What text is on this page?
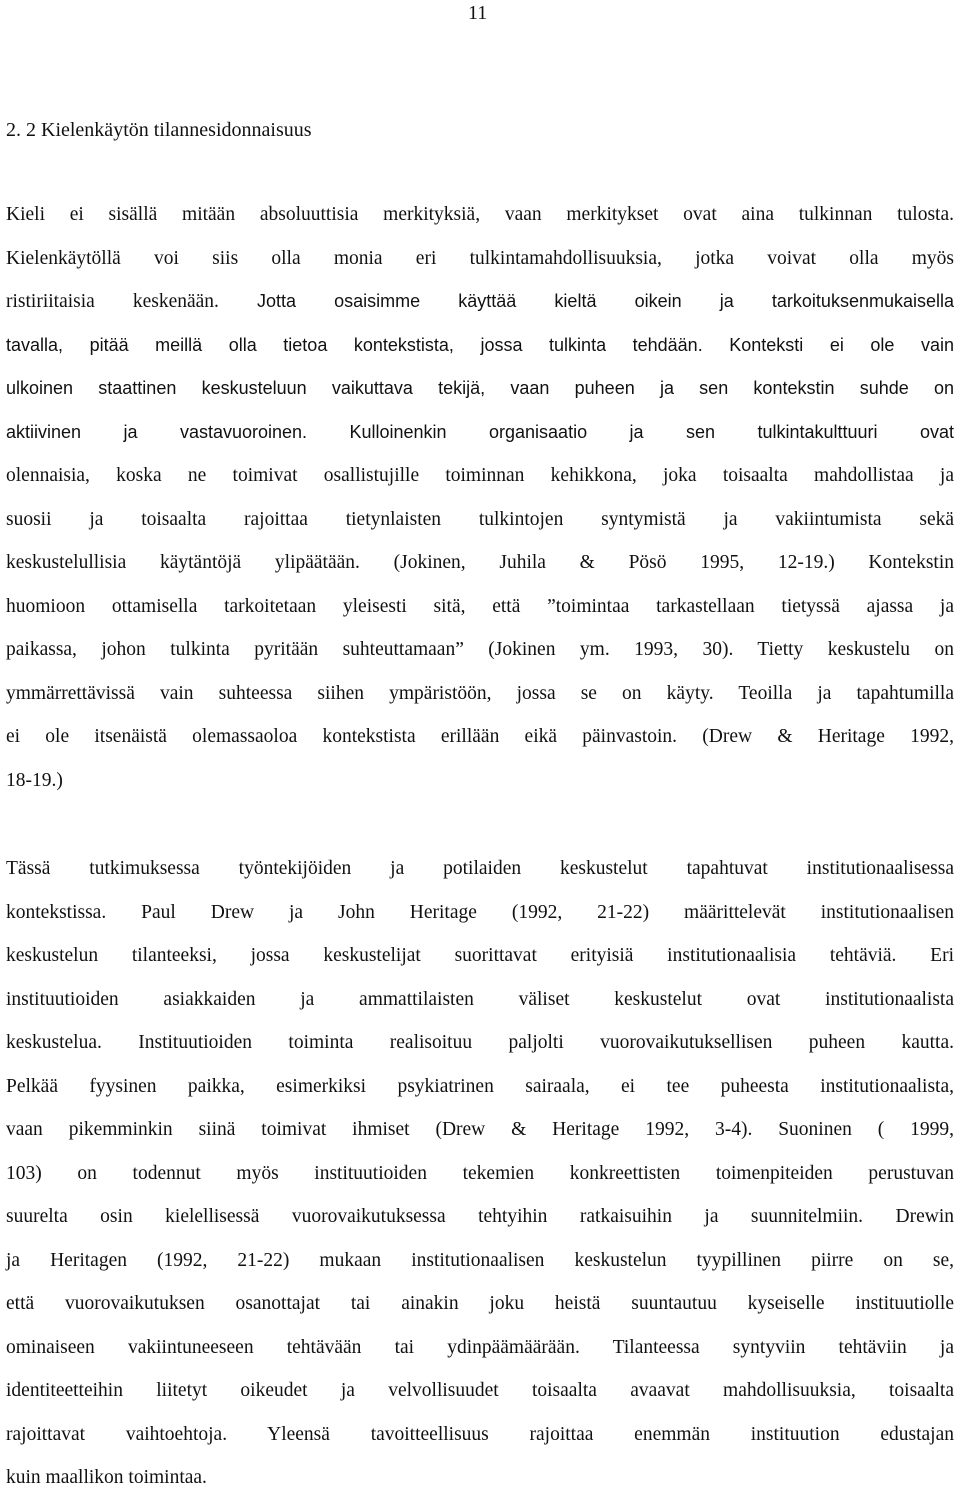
11
2. 2 Kielenkäytön tilannesidonnaisuus
Kieli ei sisällä mitään absoluuttisia merkityksiä, vaan merkitykset ovat aina tulkinnan tulosta.
Kielenkäytöllä voi siis olla monia eri tulkintamahdollisuuksia, jotka voivat olla myös
ristiriitaisia keskenään. Jotta osaisimme käyttää kieltä oikein ja tarkoituksenmukaisella
tavalla, pitää meillä olla tietoa kontekstista, jossa tulkinta tehdään. Konteksti ei ole vain
ulkoinen staattinen keskusteluun vaikuttava tekijä, vaan puheen ja sen kontekstin suhde on
aktiivinen ja vastavuoroinen. Kulloinenkin organisaatio ja sen tulkintakulttuuri ovat
olennaisia, koska ne toimivat osallistujille toiminnan kehikkona, joka toisaalta mahdollistaa ja
suosii ja toisaalta rajoittaa tietynlaisten tulkintojen syntymistä ja vakiintumista sekä
keskustelullisia käytäntöjä ylipäätään. (Jokinen, Juhila & Pösö 1995, 12-19.) Kontekstin
huomioon ottamisella tarkoitetaan yleisesti sitä, että ”toimintaa tarkastellaan tietyssä ajassa ja
paikassa, johon tulkinta pyritään suhteuttamaan” (Jokinen ym. 1993, 30). Tietty keskustelu on
ymmärrettävissä vain suhteessa siihen ympäristöön, jossa se on käyty. Teoilla ja tapahtumilla
ei ole itsenäistä olemassaoloa kontekstista erillään eikä päinvastoin. (Drew & Heritage 1992,
18-19.)
Tässä tutkimuksessa työntekijöiden ja potilaiden keskustelut tapahtuvat institutionaalisessa
kontekstissa. Paul Drew ja John Heritage (1992, 21-22) määrittelevät institutionaalisen
keskustelun tilanteeksi, jossa keskustelijat suorittavat erityisiä institutionaalisia tehtäviä. Eri
instituutioiden asiakkaiden ja ammattilaisten väliset keskustelut ovat institutionaalista
keskustelua. Instituutioiden toiminta realisoituu paljolti vuorovaikutuksellisen puheen kautta.
Pelkää fyysinen paikka, esimerkiksi psykiatrinen sairaala, ei tee puheesta institutionaalista,
vaan pikemminkin siinä toimivat ihmiset (Drew & Heritage 1992, 3-4). Suoninen ( 1999,
103) on todennut myös instituutioiden tekemien konkreettisten toimenpiteiden perustuvan
suurelta osin kielellisessä vuorovaikutuksessa tehtyihin ratkaisuihin ja suunnitelmiin. Drewin
ja Heritagen (1992, 21-22) mukaan institutionaalisen keskustelun tyypillinen piirre on se,
että vuorovaikutuksen osanottajat tai ainakin joku heistä suuntautuu kyseiselle instituutiolle
ominaiseen vakiintuneeseen tehtävään tai ydinpäämäärään. Tilanteessa syntyviin tehtäviin ja
identiteetteihin liitetyt oikeudet ja velvollisuudet toisaalta avaavat mahdollisuuksia, toisaalta
rajoittavat vaihtoehtoja. Yleensä tavoitteellisuus rajoittaa enemmän instituution edustajan
kuin maallikon toimintaa.
